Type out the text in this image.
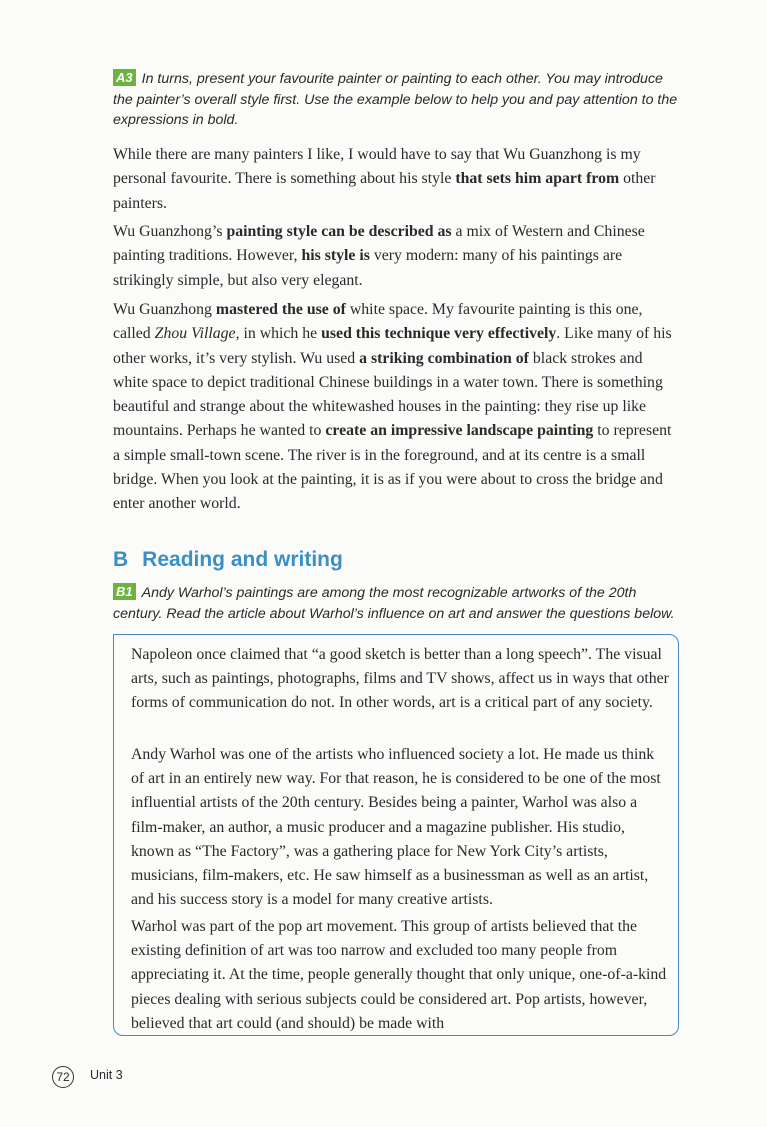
A3 In turns, present your favourite painter or painting to each other. You may introduce the painter’s overall style first. Use the example below to help you and pay attention to the expressions in bold.

While there are many painters I like, I would have to say that Wu Guanzhong is my personal favourite. There is something about his style that sets him apart from other painters.

Wu Guanzhong’s painting style can be described as a mix of Western and Chinese painting traditions. However, his style is very modern: many of his paintings are strikingly simple, but also very elegant.

Wu Guanzhong mastered the use of white space. My favourite painting is this one, called Zhou Village, in which he used this technique very effectively. Like many of his other works, it’s very stylish. Wu used a striking combination of black strokes and white space to depict traditional Chinese buildings in a water town. There is something beautiful and strange about the whitewashed houses in the painting: they rise up like mountains. Perhaps he wanted to create an impressive landscape painting to represent a simple small-town scene. The river is in the foreground, and at its centre is a small bridge. When you look at the painting, it is as if you were about to cross the bridge and enter another world.

B Reading and writing
B1 Andy Warhol’s paintings are among the most recognizable artworks of the 20th century. Read the article about Warhol’s influence on art and answer the questions below.

Napoleon once claimed that “a good sketch is better than a long speech”. The visual arts, such as paintings, photographs, films and TV shows, affect us in ways that other forms of communication do not. In other words, art is a critical part of any society.

Andy Warhol was one of the artists who influenced society a lot. He made us think of art in an entirely new way. For that reason, he is considered to be one of the most influential artists of the 20th century. Besides being a painter, Warhol was also a film-maker, an author, a music producer and a magazine publisher. His studio, known as “The Factory”, was a gathering place for New York City’s artists, musicians, film-makers, etc. He saw himself as a businessman as well as an artist, and his success story is a model for many creative artists.

Warhol was part of the pop art movement. This group of artists believed that the existing definition of art was too narrow and excluded too many people from appreciating it. At the time, people generally thought that only unique, one-of-a-kind pieces dealing with serious subjects could be considered art. Pop artists, however, believed that art could (and should) be made with

72	Unit 3
